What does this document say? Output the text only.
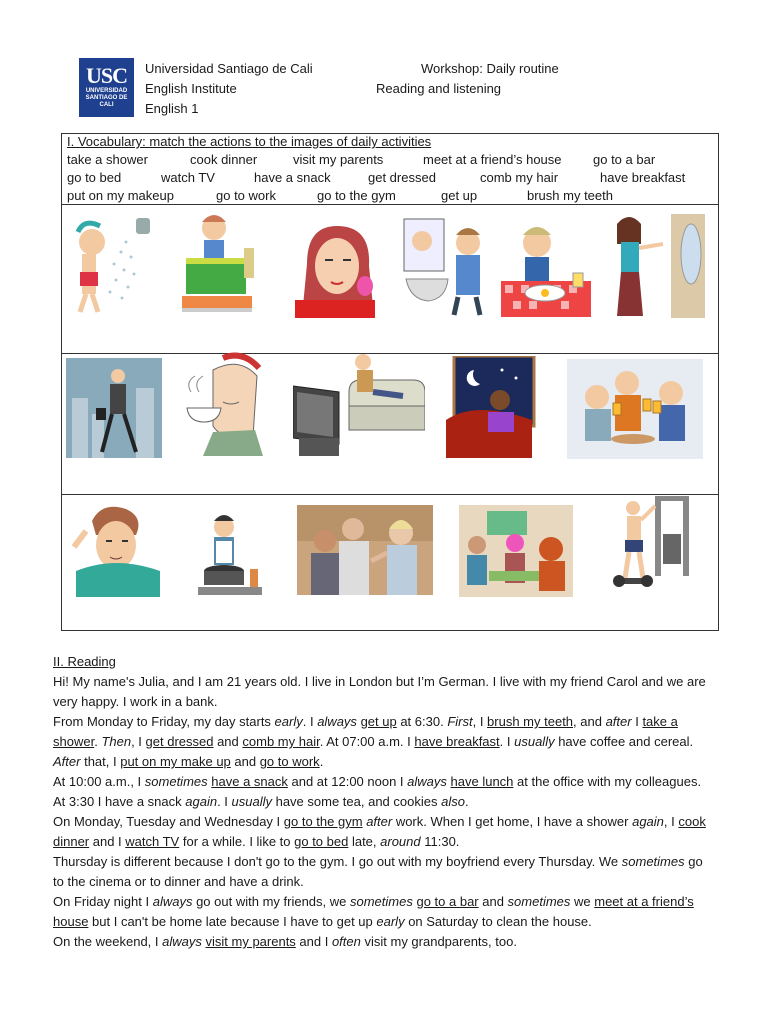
USC
UNIVERSIDAD SANTIAGO DE CALI
Universidad Santiago de Cali
English Institute
English 1
Workshop: Daily routine
Reading and listening
I. Vocabulary: match the actions to the images of daily activities
take a shower	cook dinner	visit my parents	meet at a friend’s house go to a bar
go to bed	watch TV	have a snack	get dressed	comb my hair	have breakfast
put on my makeup	go to work	go to the gym	get up	brush my teeth

II. Reading

Hi! My name's Julia, and I am 21 years old. I live in London but I’m German. I live with my friend Carol and we are very happy. I work in a bank.

From Monday to Friday, my day starts early. I always get up at 6:30. First, I brush my teeth, and after I take a shower. Then, I get dressed and comb my hair. At 07:00 a.m. I have breakfast. I usually have coffee and cereal. After that, I put on my make up and go to work.

At 10:00 a.m., I sometimes have a snack and at 12:00 noon I always have lunch at the office with my colleagues. At 3:30 I have a snack again. I usually have some tea, and cookies also.

On Monday, Tuesday and Wednesday I go to the gym after work. When I get home, I have a shower again, I cook dinner and I watch TV for a while. I like to go to bed late, around 11:30.

Thursday is different because I don't go to the gym. I go out with my boyfriend every Thursday. We sometimes go to the cinema or to dinner and have a drink.

On Friday night I always go out with my friends, we sometimes go to a bar and sometimes we meet at a friend’s house but I can't be home late because I have to get up early on Saturday to clean the house.

On the weekend, I always visit my parents and I often visit my grandparents, too.
